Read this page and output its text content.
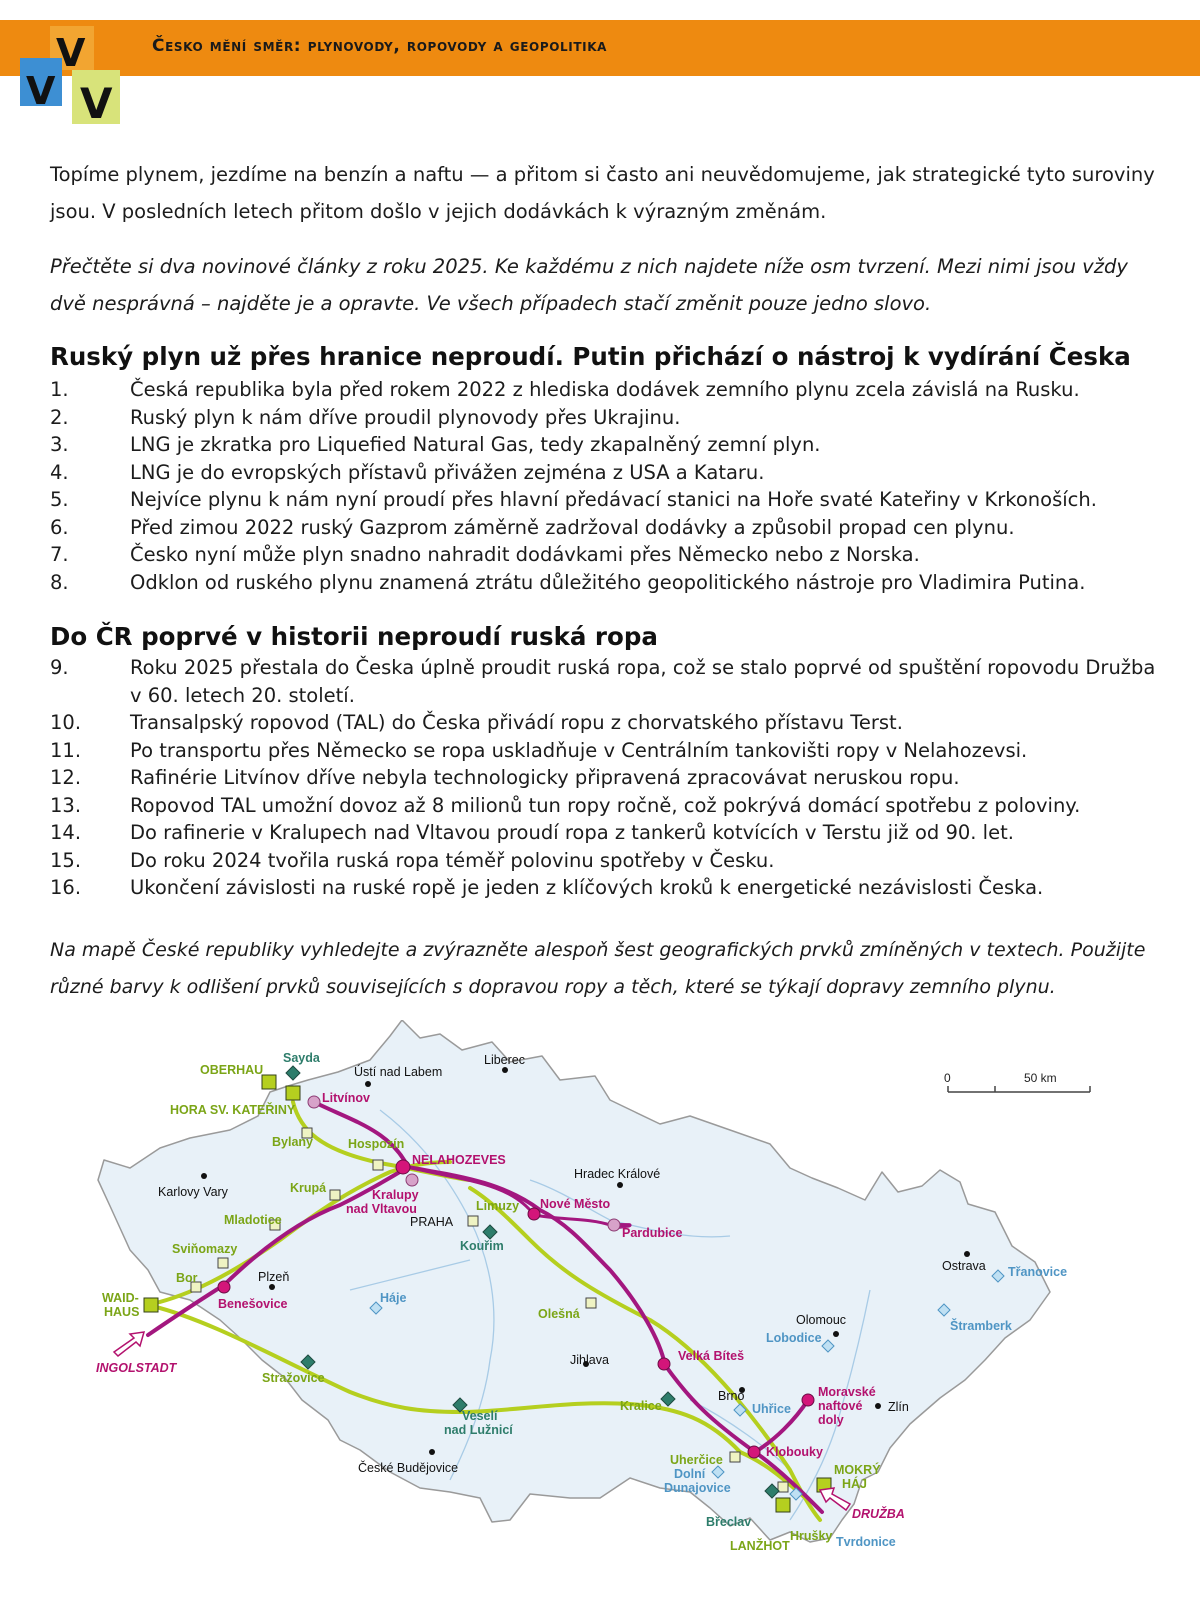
Česko mění směr: plynovody, ropovody a geopolitika
V
V V
Topíme plynem, jezdíme na benzín a naftu — a přitom si často ani neuvědomujeme, jak strategické tyto suroviny jsou. V posledních letech přitom došlo v jejich dodávkách k výrazným změnám.
Přečtěte si dva novinové články z roku 2025. Ke každému z nich najdete níže osm tvrzení. Mezi nimi jsou vždy dvě nesprávná – najděte je a opravte. Ve všech případech stačí změnit pouze jedno slovo.
Ruský plyn už přes hranice neproudí. Putin přichází o nástroj k vydírání Česka
1.	Česká republika byla před rokem 2022 z hlediska dodávek zemního plynu zcela závislá na Rusku.
2.	Ruský plyn k nám dříve proudil plynovody přes Ukrajinu.
3.	LNG je zkratka pro Liquefied Natural Gas, tedy zkapalněný zemní plyn.
4.	LNG je do evropských přístavů přivážen zejména z USA a Kataru.
5.	Nejvíce plynu k nám nyní proudí přes hlavní předávací stanici na Hoře svaté Kateřiny v Krkonoších.
6.	Před zimou 2022 ruský Gazprom záměrně zadržoval dodávky a způsobil propad cen plynu.
7.	Česko nyní může plyn snadno nahradit dodávkami přes Německo nebo z Norska.
8.	Odklon od ruského plynu znamená ztrátu důležitého geopolitického nástroje pro Vladimira Putina.
Do ČR poprvé v historii neproudí ruská ropa
9.	Roku 2025 přestala do Česka úplně proudit ruská ropa, což se stalo poprvé od spuštění ropovodu Družba v 60. letech 20. století.
10.	Transalpský ropovod (TAL) do Česka přivádí ropu z chorvatského přístavu Terst.
11.	Po transportu přes Německo se ropa uskladňuje v Centrálním tankovišti ropy v Nelahozevsi.
12.	Rafinérie Litvínov dříve nebyla technologicky připravená zpracovávat neruskou ropu.
13.	Ropovod TAL umožní dovoz až 8 milionů tun ropy ročně, což pokrývá domácí spotřebu z poloviny.
14.	Do rafinerie v Kralupech nad Vltavou proudí ropa z tankerů kotvících v Terstu již od 90. let.
15.	Do roku 2024 tvořila ruská ropa téměř polovinu spotřeby v Česku.
16.	Ukončení závislosti na ruské ropě je jeden z klíčových kroků k energetické nezávislosti Česka.
Na mapě České republiky vyhledejte a zvýrazněte alespoň šest geografických prvků zmíněných v textech. Použijte různé barvy k odlišení prvků souvisejících s dopravou ropy a těch, které se týkají dopravy zemního plynu.
0	50 km
OBERHAU
Sayda
HORA SV. KATEŘINY
Ústí nad Labem
Liberec
Litvínov
Bylany	Hospozín
NELAHOZEVES
Karlovy Vary	Krupá	Kralupy
nad Vltavou
Hradec Králové
Limuzy Nové Město
Mladotice	PRAHA
Kouřim
Pardubice
Sviňomazy
Bor	Plzeň
WAID-
HAUS
Benešovice	Háje
Olešná
Ostrava Třanovice
Štramberk
Olomouc
Lobodice
INGOLSTADT
Jihlava	Velká Bíteš
Stražovice
Brno	Moravské
naftové
doly
Kralice	Uhřice	Zlín
Veselí
nad Lužnicí
Klobouky
České Budějovice
Uherčice
Dolní
Dunajovice
MOKRÝ
HÁJ
DRUŽBA
Břeclav
Hrušky Tvrdonice
LANŽHOT
